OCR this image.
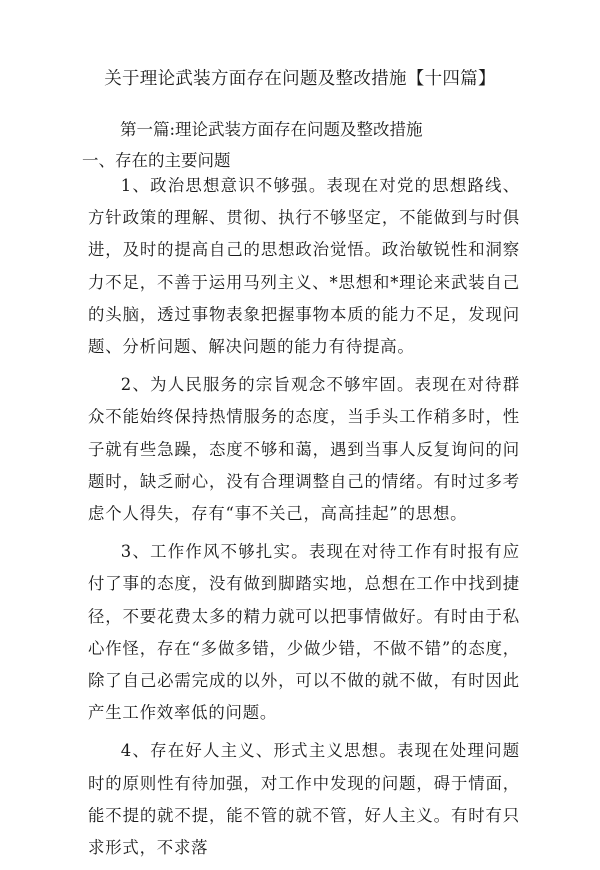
关于理论武装方面存在问题及整改措施【十四篇】
第一篇:理论武装方面存在问题及整改措施
一、存在的主要问题

1、政治思想意识不够强。表现在对党的思想路线、方针政策的理解、贯彻、执行不够坚定，不能做到与时俱进，及时的提高自己的思想政治觉悟。政治敏锐性和洞察力不足，不善于运用马列主义、*思想和*理论来武装自己的头脑，透过事物表象把握事物本质的能力不足，发现问题、分析问题、解决问题的能力有待提高。

2、为人民服务的宗旨观念不够牢固。表现在对待群众不能始终保持热情服务的态度，当手头工作稍多时，性子就有些急躁，态度不够和蔼，遇到当事人反复询问的问题时，缺乏耐心，没有合理调整自己的情绪。有时过多考虑个人得失，存有“事不关己，高高挂起”的思想。

3、工作作风不够扎实。表现在对待工作有时报有应付了事的态度，没有做到脚踏实地，总想在工作中找到捷径，不要花费太多的精力就可以把事情做好。有时由于私心作怪，存在“多做多错，少做少错，不做不错”的态度，除了自己必需完成的以外，可以不做的就不做，有时因此产生工作效率低的问题。

4、存在好人主义、形式主义思想。表现在处理问题时的原则性有待加强，对工作中发现的问题，碍于情面，能不提的就不提，能不管的就不管，好人主义。有时有只求形式，不求落
